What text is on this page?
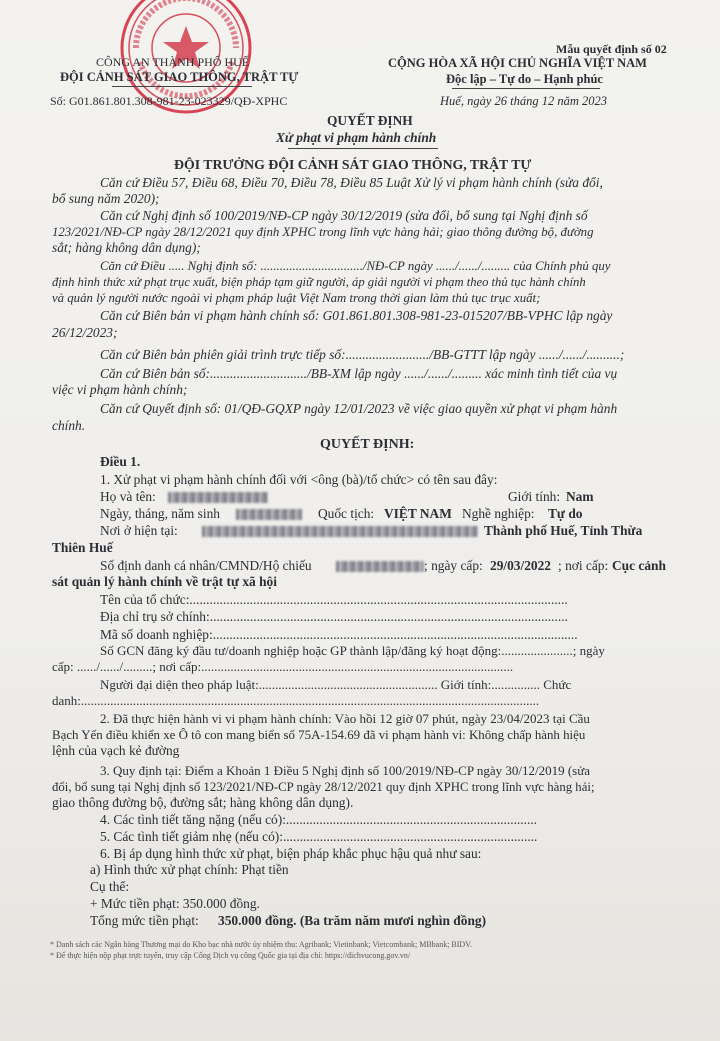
Mẫu quyết định số 02
CÔNG AN THÀNH PHỐ HUẾ
ĐỘI CẢNH SÁT GIAO THÔNG, TRẬT TỰ
Số: G01.861.801.308-981-23-023329/QĐ-XPHC
CỘNG HÒA XÃ HỘI CHỦ NGHĨA VIỆT NAM
Độc lập – Tự do – Hạnh phúc
Huế, ngày 26 tháng 12 năm 2023
QUYẾT ĐỊNH
Xử phạt vi phạm hành chính
ĐỘI TRƯỞNG ĐỘI CẢNH SÁT GIAO THÔNG, TRẬT TỰ
Căn cứ Điều 57, Điều 68, Điều 70, Điều 78, Điều 85 Luật Xử lý vi phạm hành chính (sửa đổi,
bổ sung năm 2020);
Căn cứ Nghị định số 100/2019/NĐ-CP ngày 30/12/2019 (sửa đổi, bổ sung tại Nghị định số
123/2021/NĐ-CP ngày 28/12/2021 quy định XPHC trong lĩnh vực hàng hải; giao thông đường bộ, đường
sắt; hàng không dân dụng);
Căn cứ Điều ..... Nghị định số: ................................/NĐ-CP ngày ....../....../......... của Chính phủ quy
định hình thức xử phạt trục xuất, biện pháp tạm giữ người, áp giải người vi phạm theo thủ tục hành chính
và quản lý người nước ngoài vi phạm pháp luật Việt Nam trong thời gian làm thủ tục trục xuất;
Căn cứ Biên bản vi phạm hành chính số: G01.861.801.308-981-23-015207/BB-VPHC lập ngày
26/12/2023;
Căn cứ Biên bản phiên giải trình trực tiếp số:........................./BB-GTTT lập ngày ....../....../..........;
Căn cứ Biên bản số:............................./BB-XM lập ngày ....../....../......... xác minh tình tiết của vụ
việc vi phạm hành chính;
Căn cứ Quyết định số: 01/QĐ-GQXP ngày 12/01/2023 về việc giao quyền xử phạt vi phạm hành
chính.
QUYẾT ĐỊNH:
Điều 1.
1. Xử phạt vi phạm hành chính đối với <ông (bà)/tổ chức> có tên sau đây:
Họ và tên:	Giới tính: Nam
Ngày, tháng, năm sinh	Quốc tịch: VIỆT NAM Nghề nghiệp: Tự do
Nơi ở hiện tại:	Thành phố Huế, Tỉnh Thừa
Thiên Huế
Số định danh cá nhân/CMND/Hộ chiếu	; ngày cấp: 29/03/2022 ; nơi cấp: Cục cảnh
sát quản lý hành chính về trật tự xã hội
Tên của tổ chức:.................................................................................................................
Địa chỉ trụ sở chính:...........................................................................................................
Mã số doanh nghiệp:.............................................................................................................
Số GCN đăng ký đầu tư/doanh nghiệp hoặc GP thành lập/đăng ký hoạt động:......................; ngày
cấp: ....../....../.........; nơi cấp:................................................................................................
Người đại diện theo pháp luật:....................................................... Giới tính:............... Chức
danh:.............................................................................................................................................
2. Đã thực hiện hành vi vi phạm hành chính: Vào hồi 12 giờ 07 phút, ngày 23/04/2023 tại Cầu
Bạch Yến điều khiển xe Ô tô con mang biển số 75A-154.69 đã vi phạm hành vi: Không chấp hành hiệu
lệnh của vạch kẻ đường
3. Quy định tại: Điểm a Khoản 1 Điều 5 Nghị định số 100/2019/NĐ-CP ngày 30/12/2019 (sửa
đổi, bổ sung tại Nghị định số 123/2021/NĐ-CP ngày 28/12/2021 quy định XPHC trong lĩnh vực hàng hải;
giao thông đường bộ, đường sắt; hàng không dân dụng).
4. Các tình tiết tăng nặng (nếu có):...........................................................................
5. Các tình tiết giảm nhẹ (nếu có):............................................................................
6. Bị áp dụng hình thức xử phạt, biện pháp khắc phục hậu quả như sau:
a) Hình thức xử phạt chính: Phạt tiền
Cụ thể:
+ Mức tiền phạt: 350.000 đồng.
Tổng mức tiền phạt: 350.000 đồng. (Ba trăm năm mươi nghìn đồng)
* Danh sách các Ngân hàng Thương mại do Kho bạc nhà nước ủy nhiệm thu: Agribank; Vietinbank; Vietcombank; MBbank; BIDV.
* Để thực hiện nộp phạt trực tuyến, truy cập Cổng Dịch vụ công Quốc gia tại địa chỉ: https://dichvucong.gov.vn/
